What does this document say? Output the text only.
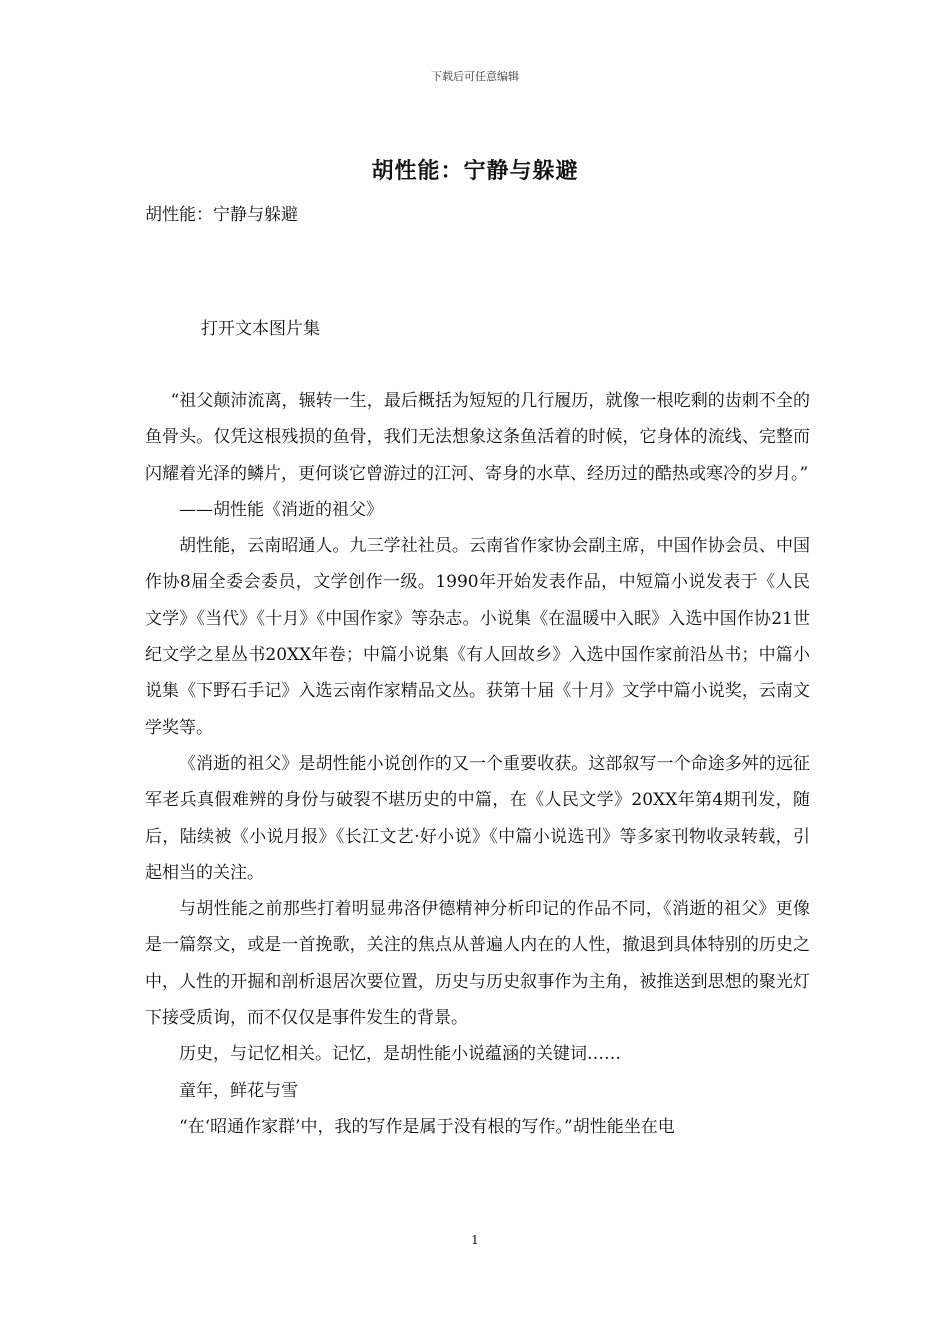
下载后可任意编辑
胡性能：宁静与躲避
胡性能：宁静与躲避
打开文本图片集

“祖父颠沛流离，辗转一生，最后概括为短短的几行履历，就像一根吃剩的齿刺不全的鱼骨头。仅凭这根残损的鱼骨，我们无法想象这条鱼活着的时候，它身体的流线、完整而闪耀着光泽的鳞片，更何谈它曾游过的江河、寄身的水草、经历过的酷热或寒冷的岁月。”

——胡性能《消逝的祖父》

胡性能，云南昭通人。九三学社社员。云南省作家协会副主席，中国作协会员、中国作协8届全委会委员，文学创作一级。1990年开始发表作品，中短篇小说发表于《人民文学》《当代》《十月》《中国作家》等杂志。小说集《在温暖中入眠》入选中国作协21世纪文学之星丛书20XX年卷；中篇小说集《有人回故乡》入选中国作家前沿丛书；中篇小说集《下野石手记》入选云南作家精品文丛。获第十届《十月》文学中篇小说奖，云南文学奖等。

《消逝的祖父》是胡性能小说创作的又一个重要收获。这部叙写一个命途多舛的远征军老兵真假难辨的身份与破裂不堪历史的中篇，在《人民文学》20XX年第4期刊发，随后，陆续被《小说月报》《长江文艺·好小说》《中篇小说选刊》等多家刊物收录转载，引起相当的关注。

与胡性能之前那些打着明显弗洛伊德精神分析印记的作品不同，《消逝的祖父》更像是一篇祭文，或是一首挽歌，关注的焦点从普遍人内在的人性，撤退到具体特别的历史之中，人性的开掘和剖析退居次要位置，历史与历史叙事作为主角，被推送到思想的聚光灯下接受质询，而不仅仅是事件发生的背景。

历史，与记忆相关。记忆，是胡性能小说蕴涵的关键词……

童年，鲜花与雪

“在‘昭通作家群’中，我的写作是属于没有根的写作。”胡性能坐在电

1
